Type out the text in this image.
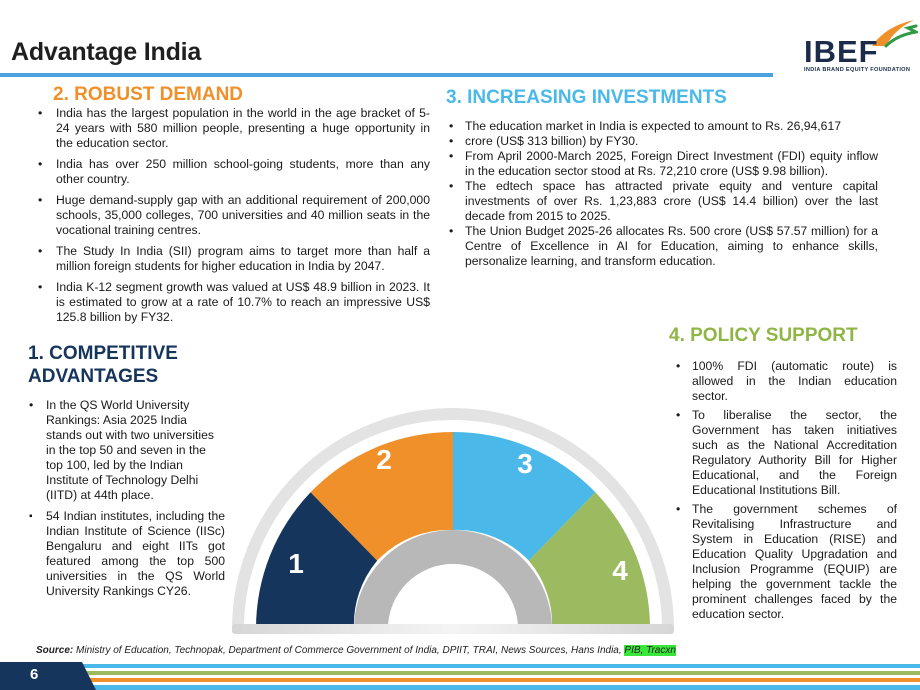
Advantage India	IBEF
INDIA BRAND EQUITY FOUNDATION
2. ROBUST DEMAND
• India has the largest population in the world in the age bracket of 5-24 years with 580 million people, presenting a huge opportunity in the education sector.
• India has over 250 million school-going students, more than any other country.
• Huge demand-supply gap with an additional requirement of 200,000 schools, 35,000 colleges, 700 universities and 40 million seats in the vocational training centres.
• The Study In India (SII) program aims to target more than half a million foreign students for higher education in India by 2047.
• India K-12 segment growth was valued at US$ 48.9 billion in 2023. It is estimated to grow at a rate of 10.7% to reach an impressive US$ 125.8 billion by FY32.
3. INCREASING INVESTMENTS
• The education market in India is expected to amount to Rs. 26,94,617
• crore (US$ 313 billion) by FY30.
• From April 2000-March 2025, Foreign Direct Investment (FDI) equity inflow in the education sector stood at Rs. 72,210 crore (US$ 9.98 billion).
• The edtech space has attracted private equity and venture capital investments of over Rs. 1,23,883 crore (US$ 14.4 billion) over the last decade from 2015 to 2025.
• The Union Budget 2025-26 allocates Rs. 500 crore (US$ 57.57 million) for a Centre of Excellence in AI for Education, aiming to enhance skills, personalize learning, and transform education.
1. COMPETITIVE
ADVANTAGES
• In the QS World University Rankings: Asia 2025 India stands out with two universities in the top 50 and seven in the top 100, led by the Indian Institute of Technology Delhi (IITD) at 44th place.
▪ 54 Indian institutes, including the Indian Institute of Science (IISc) Bengaluru and eight IITs got featured among the top 500 universities in the QS World University Rankings CY26.
4. POLICY SUPPORT
• 100% FDI (automatic route) is allowed in the Indian education sector.
• To liberalise the sector, the Government has taken initiatives such as the National Accreditation Regulatory Authority Bill for Higher Educational, and the Foreign Educational Institutions Bill.
• The government schemes of Revitalising Infrastructure and System in Education (RISE) and Education Quality Upgradation and Inclusion Programme (EQUIP) are helping the government tackle the prominent challenges faced by the education sector.
1
2	3
4
Source: Ministry of Education, Technopak, Department of Commerce Government of India, DPIIT, TRAI, News Sources, Hans India, PIB, Tracxn
6
